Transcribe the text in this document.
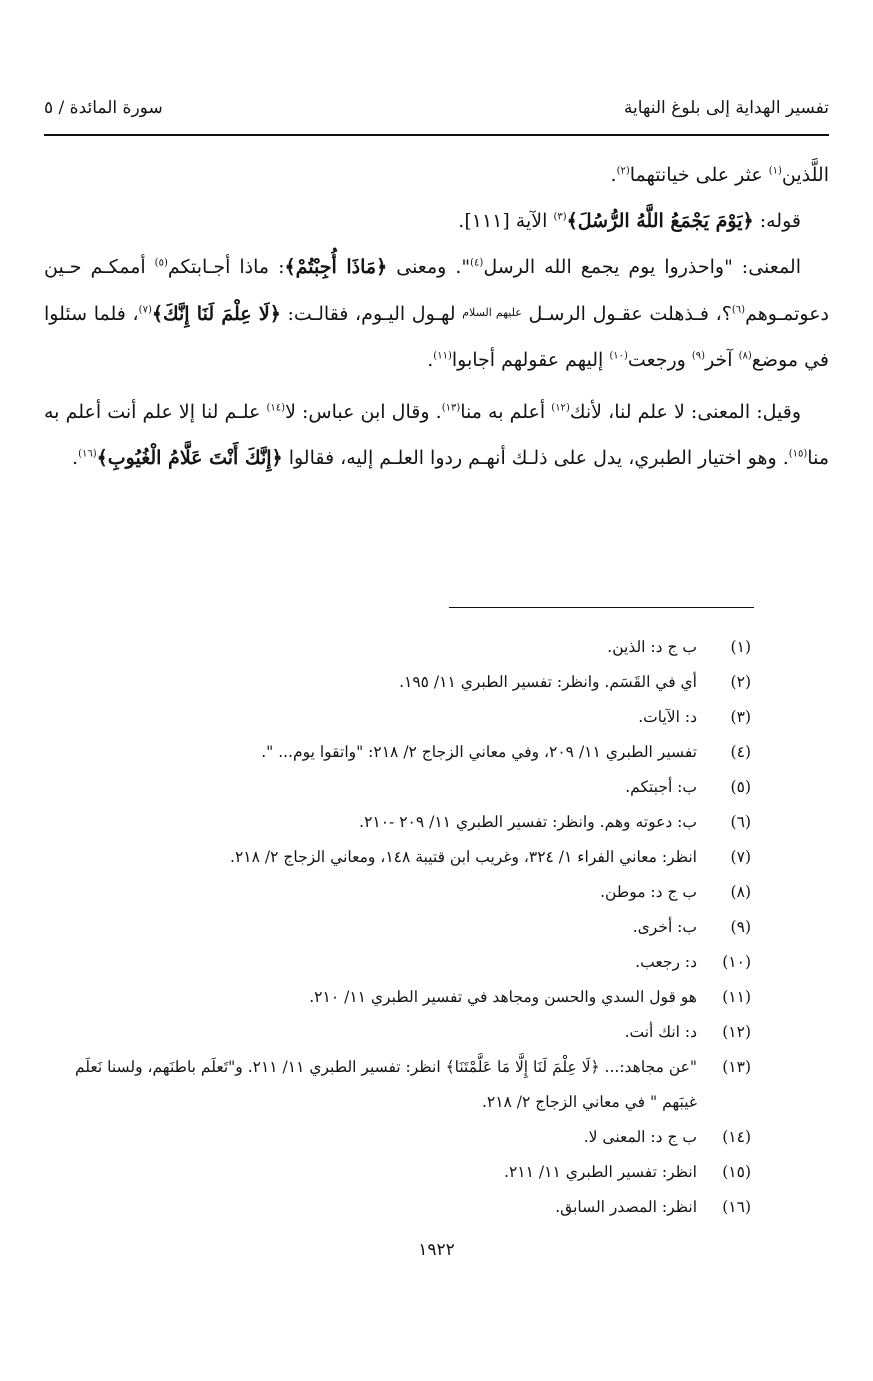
تفسير الهداية إلى بلوغ النهاية
سورة المائدة / ٥

اللَّذين$^{(١)}$ عثر على خيانتهما$^{(٢)}$.

قوله: ﴿يَوْمَ يَجْمَعُ اللَّهُ الرُّسُلَ﴾$^{(٣)}$ الآية [١١١].

المعنى: "واحذروا يوم يجمع الله الرسل$^{(٤)}$". ومعنى ﴿مَاذَا أُجِبْتُمْ﴾: ماذا أجـابتكم$^{(٥)}$ أممكـم حـين دعوتمـوهم$^{(٦)}$؟، فـذهلت عقـول الرسـل $^{عليهم السلام}$ لهـول اليـوم، فقالـت: ﴿لَا عِلْمَ لَنَا إِنَّكَ﴾$^{(٧)}$، فلما سئلوا في موضع$^{(٨)}$ آخر$^{(٩)}$ ورجعت$^{(١٠)}$ إليهم عقولهم أجابوا$^{(١١)}$.

وقيل: المعنى: لا علم لنا، لأنك$^{(١٢)}$ أعلم به منا$^{(١٣)}$. وقال ابن عباس: لا$^{(١٤)}$ علـم لنا إلا علم أنت أعلم به منا$^{(١٥)}$. وهو اختيار الطبري، يدل على ذلـك أنهـم ردوا العلـم إليه، فقالوا ﴿إِنَّكَ أَنْتَ عَلَّامُ الْغُيُوبِ﴾$^{(١٦)}$.

(١)
ب ج د: الذين.
(٢)
أي في القَسَم. وانظر: تفسير الطبري ١١/ ١٩٥.
(٣)
د: الآيات.
(٤)
تفسير الطبري ١١/ ٢٠٩، وفي معاني الزجاج ٢/ ٢١٨: "واتقوا يوم... ".
(٥)
ب: أجبتكم.
(٦)
ب: دعوته وهم. وانظر: تفسير الطبري ١١/ ٢٠٩ -٢١٠.
(٧)
انظر: معاني الفراء ١/ ٣٢٤، وغريب ابن قتيبة ١٤٨، ومعاني الزجاج ٢/ ٢١٨.
(٨)
ب ج د: موطن.
(٩)
ب: أخرى.
(١٠)
د: رجعب.
(١١)
هو قول السدي والحسن ومجاهد في تفسير الطبري ١١/ ٢١٠.
(١٢)
د: انك أنت.
(١٣)
"عن مجاهد:... ﴿لَا عِلْمَ لَنَا إِلَّا مَا عَلَّمْتَنَا﴾ انظر: تفسير الطبري ١١/ ٢١١. و"تَعلَم باطنَهم، ولسنا نَعلَم غيبَهم " في معاني الزجاج ٢/ ٢١٨.
(١٤)
ب ج د: المعنى لا.
(١٥)
انظر: تفسير الطبري ١١/ ٢١١.
(١٦)
انظر: المصدر السابق.
١٩٢٢
